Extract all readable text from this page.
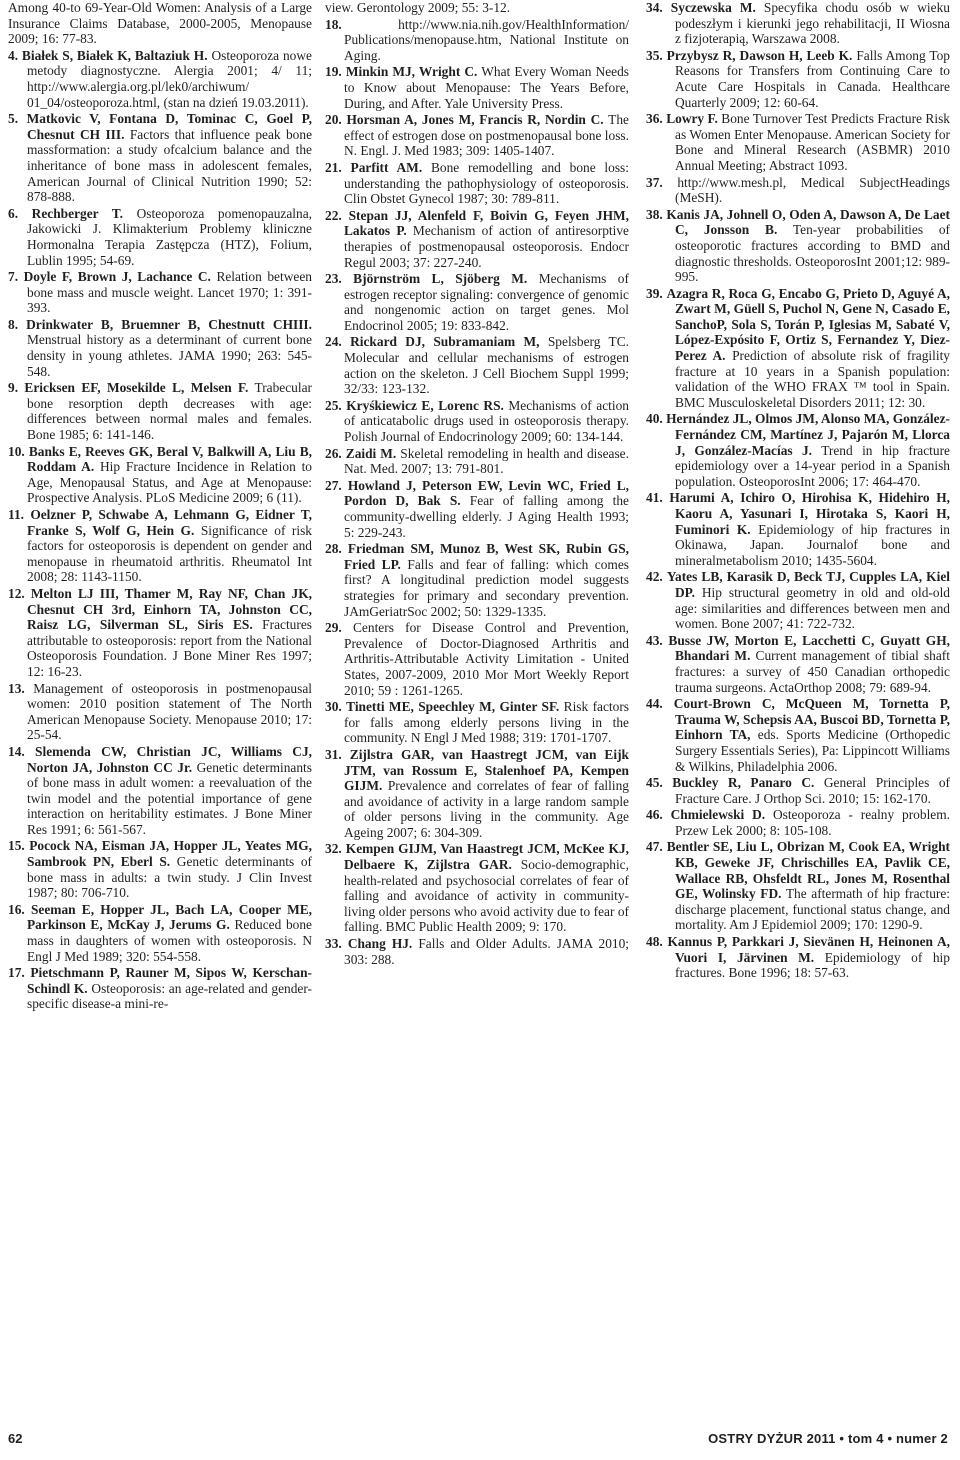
Among 40-to 69-Year-Old Women: Analysis of a Large Insurance Claims Database, 2000-2005, Menopause 2009; 16: 77-83.
4. Białek S, Białek K, Baltaziuk H. Osteoporoza nowe metody diagnostyczne. Alergia 2001; 4/ 11; http://www.alergia.org.pl/lek0/archiwum/ 01_04/osteoporoza.html, (stan na dzień 19.03.2011).
5. Matkovic V, Fontana D, Tominac C, Goel P, Chesnut CH III. Factors that influence peak bone massformation: a study ofcalcium balance and the inheritance of bone mass in adolescent females, American Journal of Clinical Nutrition 1990; 52: 878-888.
6. Rechberger T. Osteoporoza pomenopauzalna, Jakowicki J. Klimakterium Problemy kliniczne Hormonalna Terapia Zastępcza (HTZ), Folium, Lublin 1995; 54-69.
7. Doyle F, Brown J, Lachance C. Relation between bone mass and muscle weight. Lancet 1970; 1: 391-393.
8. Drinkwater B, Bruemner B, Chestnutt CHIII. Menstrual history as a determinant of current bone density in young athletes. JAMA 1990; 263: 545-548.
9. Ericksen EF, Mosekilde L, Melsen F. Trabecular bone resorption depth decreases with age: differences between normal males and females. Bone 1985; 6: 141-146.
10. Banks E, Reeves GK, Beral V, Balkwill A, Liu B, Roddam A. Hip Fracture Incidence in Relation to Age, Menopausal Status, and Age at Menopause: Prospective Analysis. PLoS Medicine 2009; 6 (11).
11. Oelzner P, Schwabe A, Lehmann G, Eidner T, Franke S, Wolf G, Hein G. Significance of risk factors for osteoporosis is dependent on gender and menopause in rheumatoid arthritis. Rheumatol Int 2008; 28: 1143-1150.
12. Melton LJ III, Thamer M, Ray NF, Chan JK, Chesnut CH 3rd, Einhorn TA, Johnston CC, Raisz LG, Silverman SL, Siris ES. Fractures attributable to osteoporosis: report from the National Osteoporosis Foundation. J Bone Miner Res 1997; 12: 16-23.
13. Management of osteoporosis in postmenopausal women: 2010 position statement of The North American Menopause Society. Menopause 2010; 17: 25-54.
14. Slemenda CW, Christian JC, Williams CJ, Norton JA, Johnston CC Jr. Genetic determinants of bone mass in adult women: a reevaluation of the twin model and the potential importance of gene interaction on heritability estimates. J Bone Miner Res 1991; 6: 561-567.
15. Pocock NA, Eisman JA, Hopper JL, Yeates MG, Sambrook PN, Eberl S. Genetic determinants of bone mass in adults: a twin study. J Clin Invest 1987; 80: 706-710.
16. Seeman E, Hopper JL, Bach LA, Cooper ME, Parkinson E, McKay J, Jerums G. Reduced bone mass in daughters of women with osteoporosis. N Engl J Med 1989; 320: 554-558.
17. Pietschmann P, Rauner M, Sipos W, Kerschan-Schindl K. Osteoporosis: an age-related and gender-specific disease-a mini-re-
view. Gerontology 2009; 55: 3-12.
18.	http://www.nia.nih.gov/HealthInformation/ Publications/menopause.htm, National Institute on Aging.
19. Minkin MJ, Wright C. What Every Woman Needs to Know about Menopause: The Years Before, During, and After. Yale University Press.
20. Horsman A, Jones M, Francis R, Nordin C. The effect of estrogen dose on postmenopausal bone loss. N. Engl. J. Med 1983; 309: 1405-1407.
21. Parfitt AM. Bone remodelling and bone loss: understanding the pathophysiology of osteoporosis. Clin Obstet Gynecol 1987; 30: 789-811.
22. Stepan JJ, Alenfeld F, Boivin G, Feyen JHM, Lakatos P. Mechanism of action of antiresorptive therapies of postmenopausal osteoporosis. Endocr Regul 2003; 37: 227-240.
23. Björnström L, Sjöberg M. Mechanisms of estrogen receptor signaling: convergence of genomic and nongenomic action on target genes. Mol Endocrinol 2005; 19: 833-842.
24. Rickard DJ, Subramaniam M, Spelsberg TC. Molecular and cellular mechanisms of estrogen action on the skeleton. J Cell Biochem Suppl 1999; 32/33: 123-132.
25. Kryśkiewicz E, Lorenc RS. Mechanisms of action of anticatabolic drugs used in osteoporosis therapy. Polish Journal of Endocrinology 2009; 60: 134-144.
26. Zaidi M. Skeletal remodeling in health and disease. Nat. Med. 2007; 13: 791-801.
27. Howland J, Peterson EW, Levin WC, Fried L, Pordon D, Bak S. Fear of falling among the community-dwelling elderly. J Aging Health 1993; 5: 229-243.
28. Friedman SM, Munoz B, West SK, Rubin GS, Fried LP. Falls and fear of falling: which comes first? A longitudinal prediction model suggests strategies for primary and secondary prevention. JAmGeriatrSoc 2002; 50: 1329-1335.
29. Centers for Disease Control and Prevention, Prevalence of Doctor-Diagnosed Arthritis and Arthritis-Attributable Activity Limitation - United States, 2007-2009, 2010 Mor Mort Weekly Report 2010; 59 : 1261-1265.
30. Tinetti ME, Speechley M, Ginter SF. Risk factors for falls among elderly persons living in the community. N Engl J Med 1988; 319: 1701-1707.
31. Zijlstra GAR, van Haastregt JCM, van Eijk JTM, van Rossum E, Stalenhoef PA, Kempen GIJM. Prevalence and correlates of fear of falling and avoidance of activity in a large random sample of older persons living in the community. Age Ageing 2007; 6: 304-309.
32. Kempen GIJM, Van Haastregt JCM, McKee KJ, Delbaere K, Zijlstra GAR. Socio-demographic, health-related and psychosocial correlates of fear of falling and avoidance of activity in community-living older persons who avoid activity due to fear of falling. BMC Public Health 2009; 9: 170.
33. Chang HJ. Falls and Older Adults. JAMA 2010; 303: 288.
34. Syczewska M. Specyfika chodu osób w wieku podeszłym i kierunki jego rehabilitacji, II Wiosna z fizjoterapią, Warszawa 2008.
35. Przybysz R, Dawson H, Leeb K. Falls Among Top Reasons for Transfers from Continuing Care to Acute Care Hospitals in Canada. Healthcare Quarterly 2009; 12: 60-64.
36. Lowry F. Bone Turnover Test Predicts Fracture Risk as Women Enter Menopause. American Society for Bone and Mineral Research (ASBMR) 2010 Annual Meeting; Abstract 1093.
37. http://www.mesh.pl, Medical SubjectHeadings (MeSH).
38. Kanis JA, Johnell O, Oden A, Dawson A, De Laet C, Jonsson B. Ten-year probabilities of osteoporotic fractures according to BMD and diagnostic thresholds. OsteoporosInt 2001;12: 989-995.
39. Azagra R, Roca G, Encabo G, Prieto D, Aguyé A, Zwart M, Güell S, Puchol N, Gene N, Casado E, SanchoP, Sola S, Torán P, Iglesias M, Sabaté V, López-Expósito F, Ortiz S, Fernandez Y, Diez-Perez A. Prediction of absolute risk of fragility fracture at 10 years in a Spanish population: validation of the WHO FRAX ™ tool in Spain. BMC Musculoskeletal Disorders 2011; 12: 30.
40. Hernández JL, Olmos JM, Alonso MA, González-Fernández CM, Martínez J, Pajarón M, Llorca J, González-Macías J. Trend in hip fracture epidemiology over a 14-year period in a Spanish population. OsteoporosInt 2006; 17: 464-470.
41. Harumi A, Ichiro O, Hirohisa K, Hidehiro H, Kaoru A, Yasunari I, Hirotaka S, Kaori H, Fuminori K. Epidemiology of hip fractures in Okinawa, Japan. Journalof bone and mineralmetabolism 2010; 1435-5604.
42. Yates LB, Karasik D, Beck TJ, Cupples LA, Kiel DP. Hip structural geometry in old and old-old age: similarities and differences between men and women. Bone 2007; 41: 722-732.
43. Busse JW, Morton E, Lacchetti C, Guyatt GH, Bhandari M. Current management of tibial shaft fractures: a survey of 450 Canadian orthopedic trauma surgeons. ActaOrthop 2008; 79: 689-94.
44. Court-Brown C, McQueen M, Tornetta P, Trauma W, Schepsis AA, Buscoi BD, Tornetta P, Einhorn TA, eds. Sports Medicine (Orthopedic Surgery Essentials Series), Pa: Lippincott Williams & Wilkins, Philadelphia 2006.
45. Buckley R, Panaro C. General Principles of Fracture Care. J Orthop Sci. 2010; 15: 162-170.
46. Chmielewski D. Osteoporoza - realny problem. Przew Lek 2000; 8: 105-108.
47. Bentler SE, Liu L, Obrizan M, Cook EA, Wright KB, Geweke JF, Chrischilles EA, Pavlik CE, Wallace RB, Ohsfeldt RL, Jones M, Rosenthal GE, Wolinsky FD. The aftermath of hip fracture: discharge placement, functional status change, and mortality. Am J Epidemiol 2009; 170: 1290-9.
48. Kannus P, Parkkari J, Sievänen H, Heinonen A, Vuori I, Järvinen M. Epidemiology of hip fractures. Bone 1996; 18: 57-63.
62	OSTRY DYŻUR 2011 • tom 4 • numer 2
